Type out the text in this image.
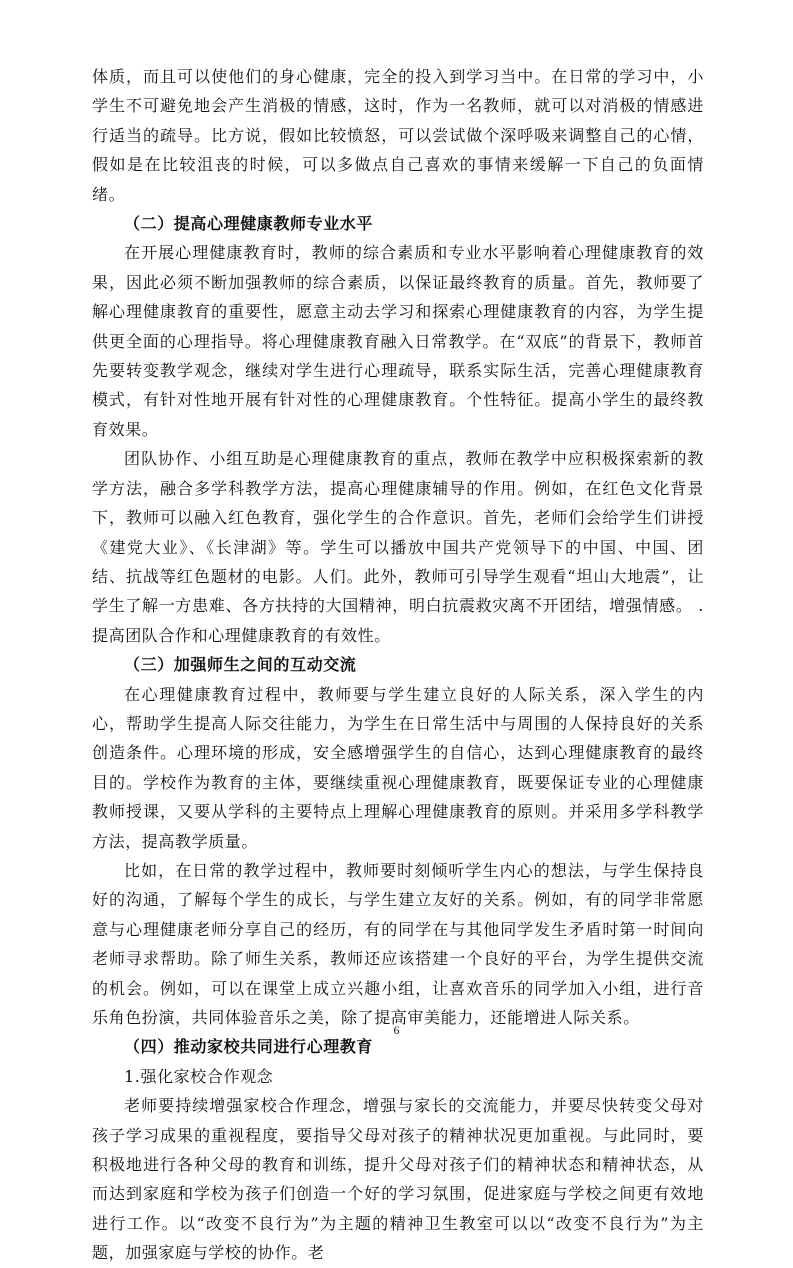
体质，而且可以使他们的身心健康，完全的投入到学习当中。在日常的学习中，小学生不可避免地会产生消极的情感，这时，作为一名教师，就可以对消极的情感进行适当的疏导。比方说，假如比较愤怒，可以尝试做个深呼吸来调整自己的心情，假如是在比较沮丧的时候，可以多做点自己喜欢的事情来缓解一下自己的负面情绪。

（二）提高心理健康教师专业水平

在开展心理健康教育时，教师的综合素质和专业水平影响着心理健康教育的效果，因此必须不断加强教师的综合素质，以保证最终教育的质量。首先，教师要了解心理健康教育的重要性，愿意主动去学习和探索心理健康教育的内容，为学生提供更全面的心理指导。将心理健康教育融入日常教学。在“双底”的背景下，教师首先要转变教学观念，继续对学生进行心理疏导，联系实际生活，完善心理健康教育模式，有针对性地开展有针对性的心理健康教育。个性特征。提高小学生的最终教育效果。

团队协作、小组互助是心理健康教育的重点，教师在教学中应积极探索新的教学方法，融合多学科教学方法，提高心理健康辅导的作用。例如，在红色文化背景下，教师可以融入红色教育，强化学生的合作意识。首先，老师们会给学生们讲授《建党大业》、《长津湖》等。学生可以播放中国共产党领导下的中国、中国、团结、抗战等红色题材的电影。人们。此外，教师可引导学生观看“坦山大地震”，让学生了解一方患难、各方扶持的大国精神，明白抗震救灾离不开团结，增强情感。 .提高团队合作和心理健康教育的有效性。

（三）加强师生之间的互动交流

在心理健康教育过程中，教师要与学生建立良好的人际关系，深入学生的内心，帮助学生提高人际交往能力，为学生在日常生活中与周围的人保持良好的关系创造条件。心理环境的形成，安全感增强学生的自信心，达到心理健康教育的最终目的。学校作为教育的主体，要继续重视心理健康教育，既要保证专业的心理健康教师授课，又要从学科的主要特点上理解心理健康教育的原则。并采用多学科教学方法，提高教学质量。

比如，在日常的教学过程中，教师要时刻倾听学生内心的想法，与学生保持良好的沟通，了解每个学生的成长，与学生建立友好的关系。例如，有的同学非常愿意与心理健康老师分享自己的经历，有的同学在与其他同学发生矛盾时第一时间向老师寻求帮助。除了师生关系，教师还应该搭建一个良好的平台，为学生提供交流的机会。例如，可以在课堂上成立兴趣小组，让喜欢音乐的同学加入小组，进行音乐角色扮演，共同体验音乐之美，除了提高审美能力，还能增进人际关系。

（四）推动家校共同进行心理教育

1.强化家校合作观念

老师要持续增强家校合作理念，增强与家长的交流能力，并要尽快转变父母对孩子学习成果的重视程度，要指导父母对孩子的精神状况更加重视。与此同时，要积极地进行各种父母的教育和训练，提升父母对孩子们的精神状态和精神状态，从而达到家庭和学校为孩子们创造一个好的学习氛围，促进家庭与学校之间更有效地进行工作。以“改变不良行为”为主题的精神卫生教室可以以“改变不良行为”为主题，加强家庭与学校的协作。老

6
